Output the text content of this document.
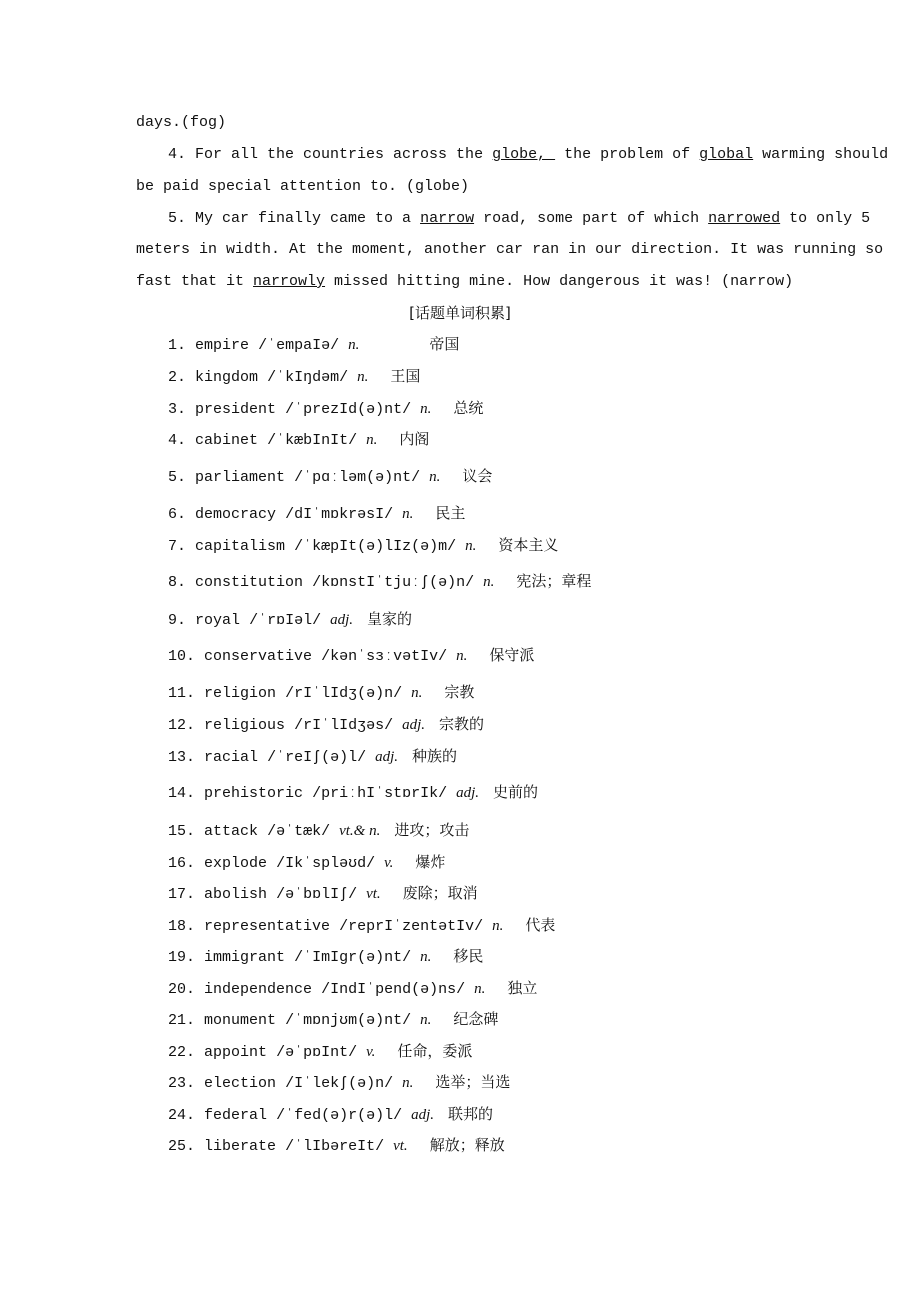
days.(fog)
4. For all the countries across the globe,  the problem of global warming should
be paid special attention to. (globe)
5. My car finally came to a narrow road, some part of which narrowed to only 5
meters in width. At the moment, another car ran in our direction. It was running so
fast that it narrowly missed hitting mine. How dangerous it was! (narrow)
[话题单词积累]
1. empire /ˈempaIə/ n.	帝国
2. kingdom /ˈkIŋdəm/ n. 王国
3. president /ˈprezId(ə)nt/ n. 总统
4. cabinet /ˈkæbInIt/ n. 内阁
5. parliament /ˈpɑːləm(ə)nt/ n. 议会
6. democracy /dIˈmɒkrəsI/ n. 民主
7. capitalism /ˈkæpIt(ə)lIz(ə)m/ n. 资本主义
8. constitution /kɒnstIˈtjuːʃ(ə)n/ n. 宪法；章程
9. royal /ˈrɒIəl/ adj. 皇家的
10. conservative /kənˈsɜːvətIv/ n. 保守派
11. religion /rIˈlIdʒ(ə)n/ n. 宗教
12. religious /rIˈlIdʒəs/ adj. 宗教的
13. racial /ˈreIʃ(ə)l/ adj. 种族的
14. prehistoric /priːhIˈstɒrIk/ adj. 史前的
15. attack /əˈtæk/ vt.& n. 进攻；攻击
16. explode /Ikˈspləʊd/ v. 爆炸
17. abolish /əˈbɒlIʃ/ vt. 废除；取消
18. representative /reprIˈzentətIv/ n. 代表
19. immigrant /ˈImIgr(ə)nt/ n. 移民
20. independence /IndIˈpend(ə)ns/ n. 独立
21. monument /ˈmɒnjʊm(ə)nt/ n. 纪念碑
22. appoint /əˈpɒInt/ v. 任命，委派
23. election /Iˈlekʃ(ə)n/ n. 选举；当选
24. federal /ˈfed(ə)r(ə)l/ adj. 联邦的
25. liberate /ˈlIbəreIt/ vt. 解放；释放
